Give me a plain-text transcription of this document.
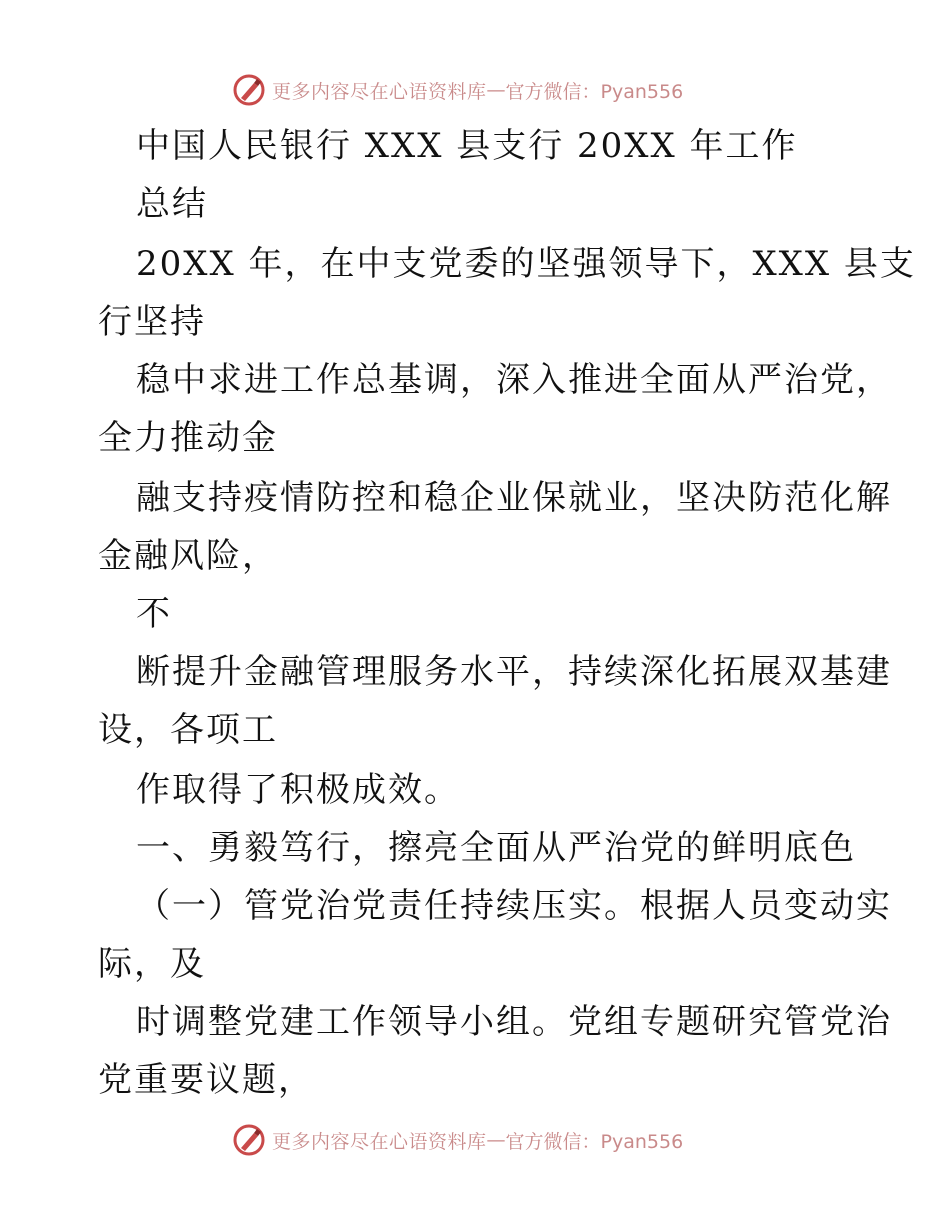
更多内容尽在心语资料库 — 官方微信：Pyan556
中国人民银行 XXX 县支行 20XX 年工作
总结
20XX 年，在中支党委的坚强领导下，XXX 县支
行坚持
稳中求进工作总基调，深入推进全面从严治党，
全力推动金
融支持疫情防控和稳企业保就业，坚决防范化解
金融风险，
不
断提升金融管理服务水平，持续深化拓展双基建
设，各项工
作取得了积极成效。
一、勇毅笃行，擦亮全面从严治党的鲜明底色
（一）管党治党责任持续压实。根据人员变动实
际，及
时调整党建工作领导小组。党组专题研究管党治
党重要议题，
更多内容尽在心语资料库 — 官方微信：Pyan556
